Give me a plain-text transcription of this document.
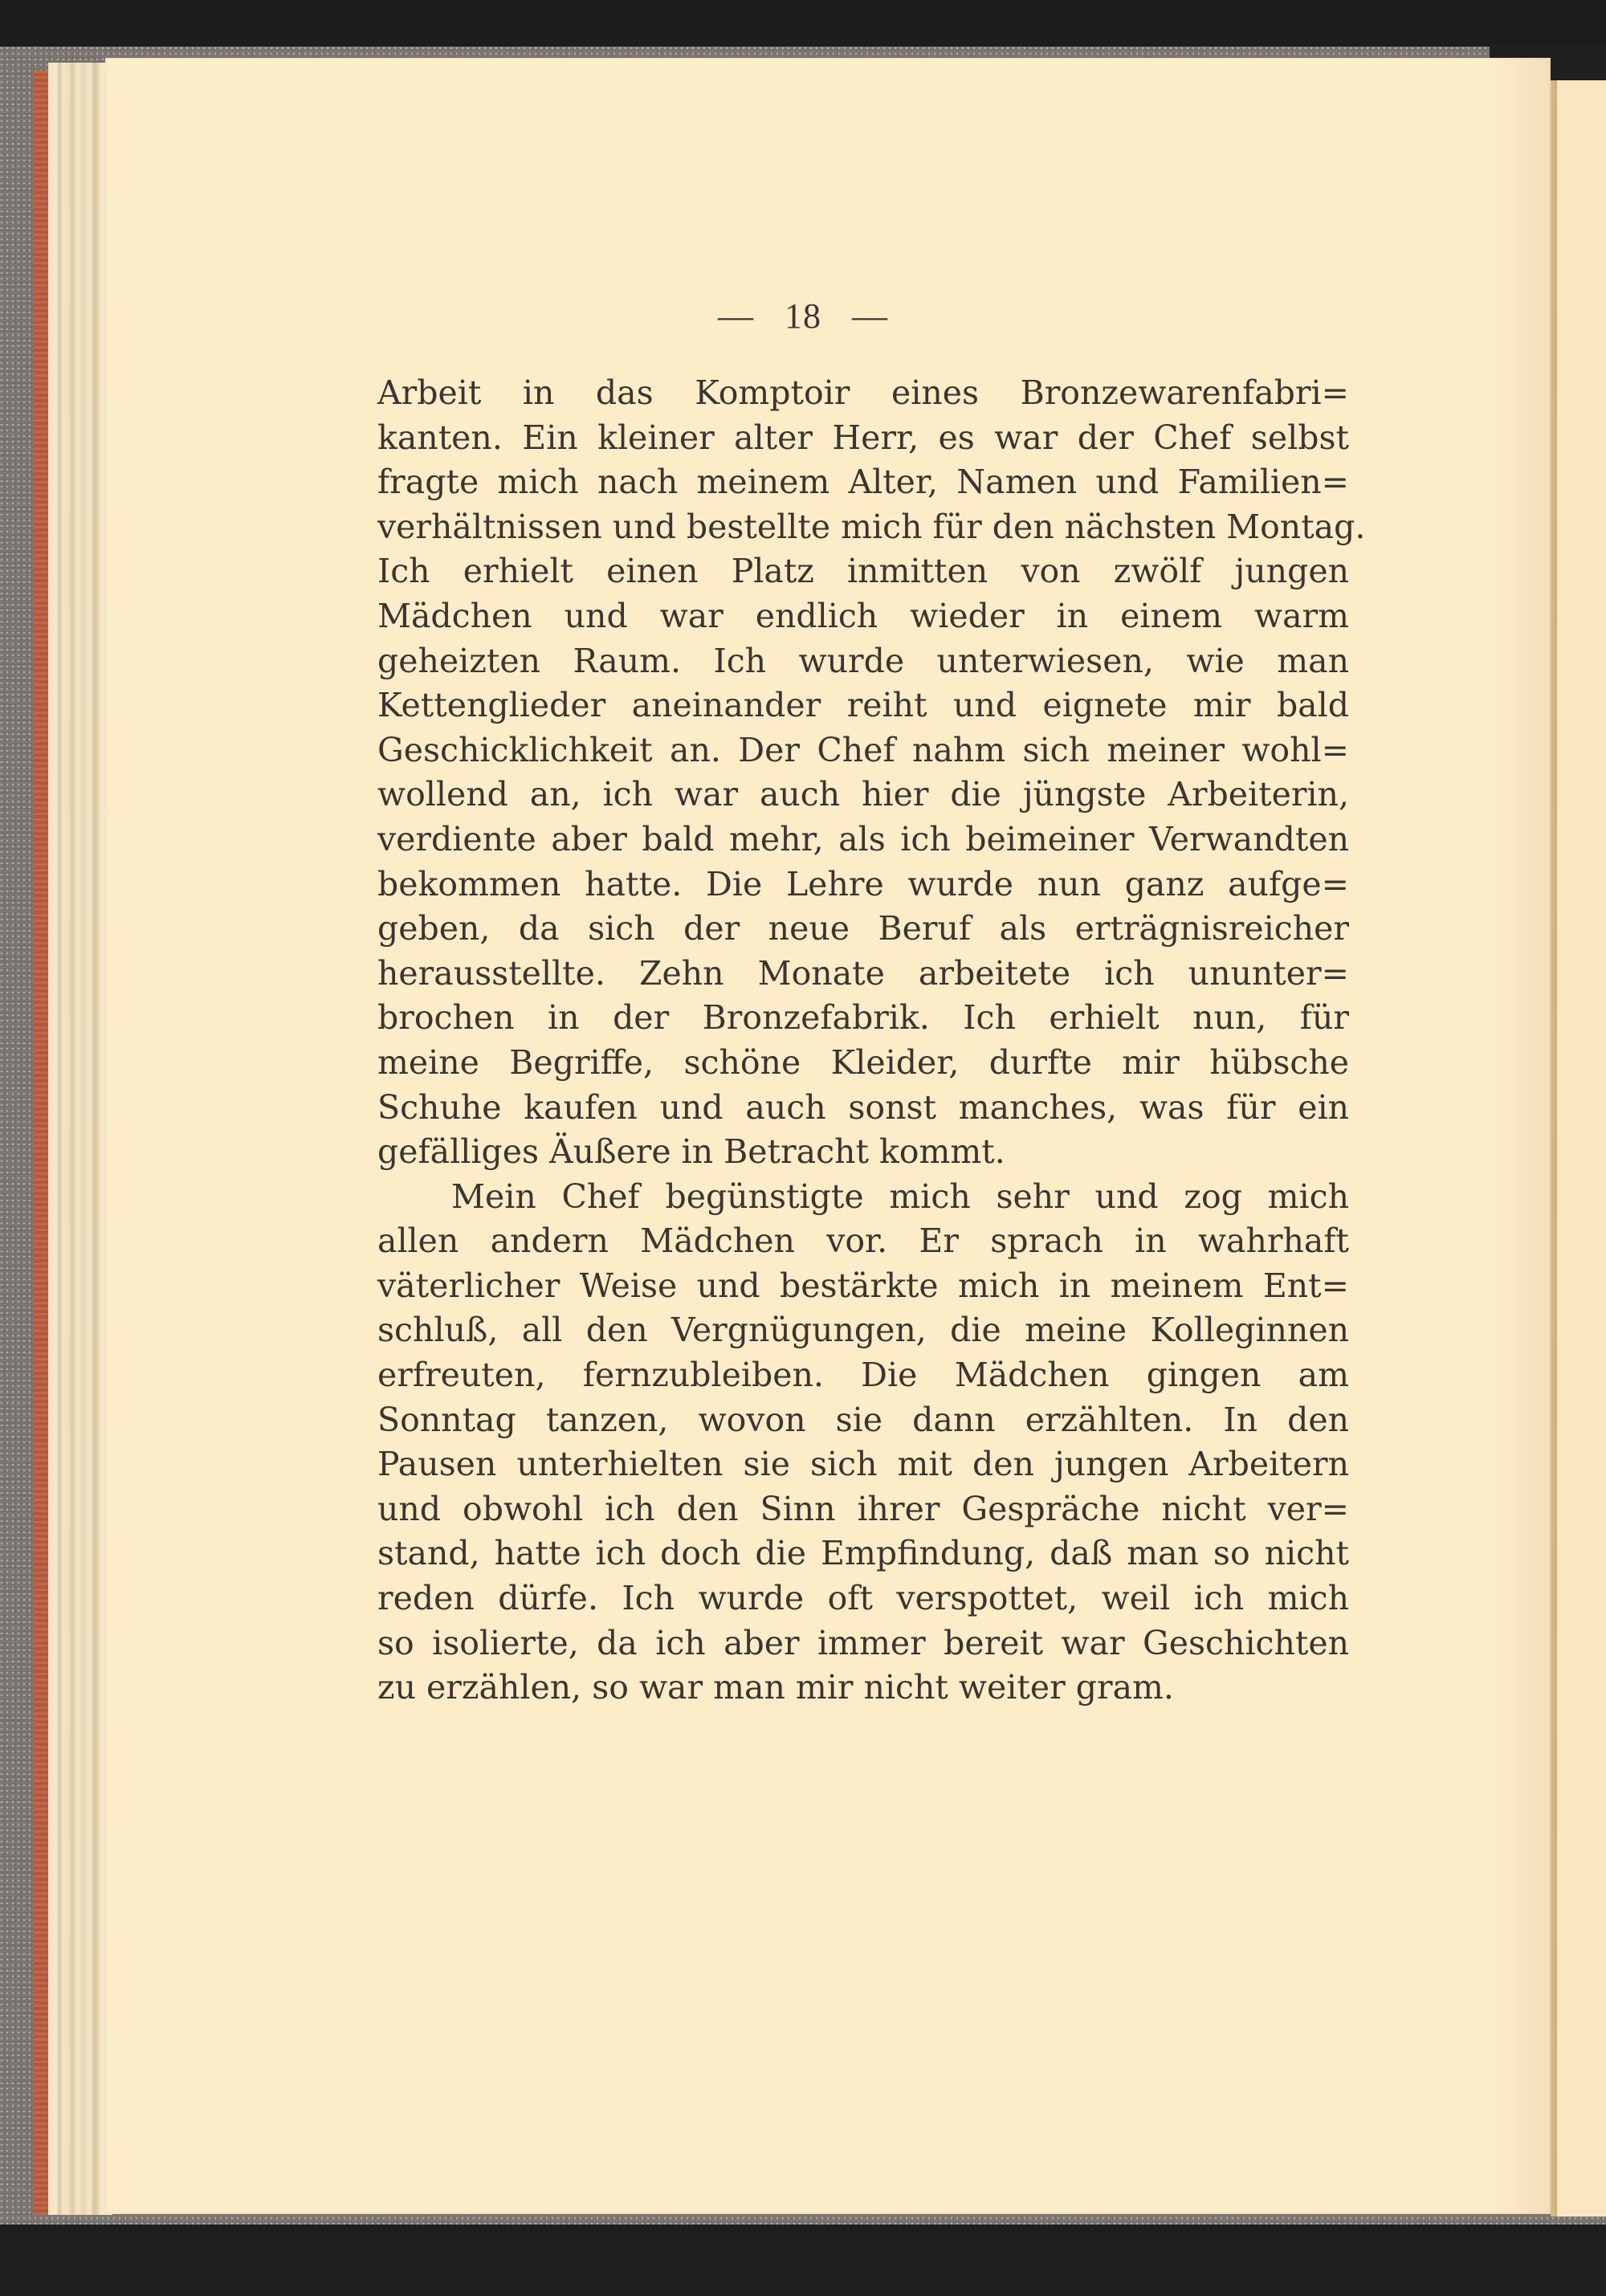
— 18 —
Arbeit in das Komptoir eines Bronzewarenfabri=
kanten. Ein kleiner alter Herr, es war der Chef selbst
fragte mich nach meinem Alter, Namen und Familien=
verhältnissen und bestellte mich für den nächsten Montag.
Ich erhielt einen Platz inmitten von zwölf jungen
Mädchen und war endlich wieder in einem warm
geheizten Raum. Ich wurde unterwiesen, wie man
Kettenglieder aneinander reiht und eignete mir bald
Geschicklichkeit an. Der Chef nahm sich meiner wohl=
wollend an, ich war auch hier die jüngste Arbeiterin,
verdiente aber bald mehr, als ich beimeiner Verwandten
bekommen hatte. Die Lehre wurde nun ganz aufge=
geben, da sich der neue Beruf als erträgnisreicher
herausstellte. Zehn Monate arbeitete ich ununter=
brochen in der Bronzefabrik. Ich erhielt nun, für
meine Begriffe, schöne Kleider, durfte mir hübsche
Schuhe kaufen und auch sonst manches, was für ein
gefälliges Äußere in Betracht kommt.
Mein Chef begünstigte mich sehr und zog mich
allen andern Mädchen vor. Er sprach in wahrhaft
väterlicher Weise und bestärkte mich in meinem Ent=
schluß, all den Vergnügungen, die meine Kolleginnen
erfreuten, fernzubleiben. Die Mädchen gingen am
Sonntag tanzen, wovon sie dann erzählten. In den
Pausen unterhielten sie sich mit den jungen Arbeitern
und obwohl ich den Sinn ihrer Gespräche nicht ver=
stand, hatte ich doch die Empfindung, daß man so nicht
reden dürfe. Ich wurde oft verspottet, weil ich mich
so isolierte, da ich aber immer bereit war Geschichten
zu erzählen, so war man mir nicht weiter gram.
